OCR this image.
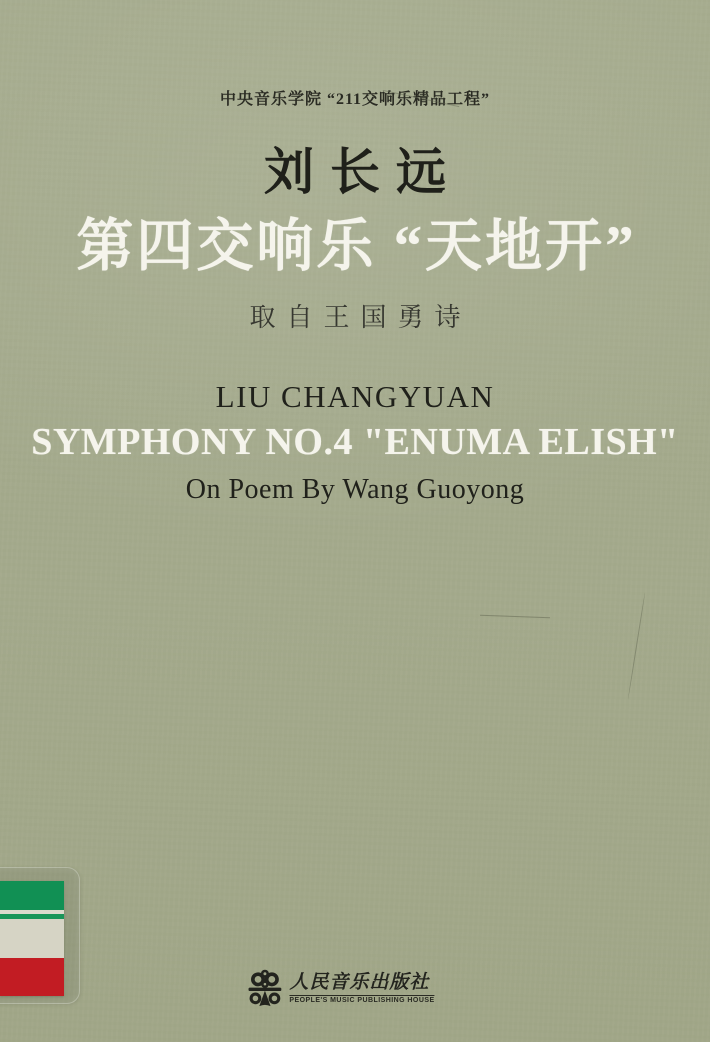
中央音乐学院 “211交响乐精品工程”
刘长远
第四交响乐 “天地开”
取自王国勇诗
LIU CHANGYUAN
SYMPHONY NO.4 "ENUMA ELISH"
On Poem By Wang Guoyong
人民音乐出版社
PEOPLE'S MUSIC PUBLISHING HOUSE
